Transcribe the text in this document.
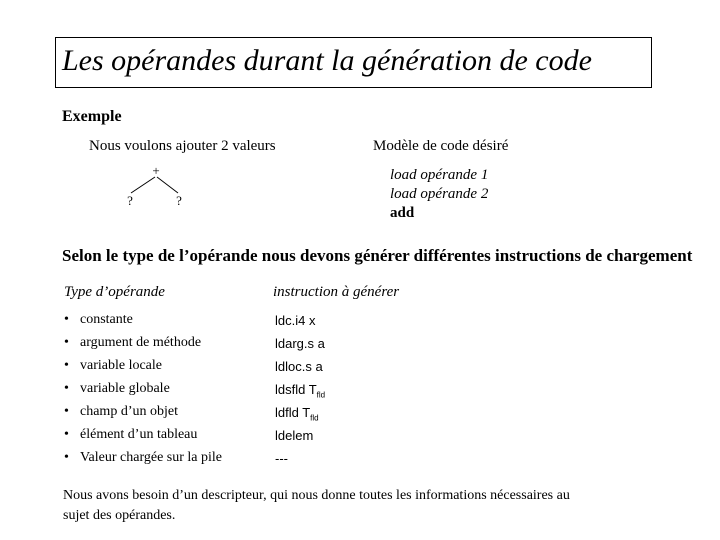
Les opérandes durant la génération de code
Exemple
Nous voulons ajouter 2 valeurs	Modèle de code désiré
+
?	?
load opérande 1
load opérande 2
add
Selon le type de l’opérande nous devons générer différentes instructions de chargement
Type d’opérande	instruction à générer
• constante	ldc.i4 x
• argument de méthode	ldarg.s a
• variable locale	ldloc.s a
• variable globale	ldsfld $T_{fld}$
• champ d’un objet	ldfld $T_{fld}$
• élément d’un tableau	ldelem
• Valeur chargée sur la pile	---
Nous avons besoin d’un descripteur, qui nous donne toutes les informations nécessaires au sujet des opérandes.
